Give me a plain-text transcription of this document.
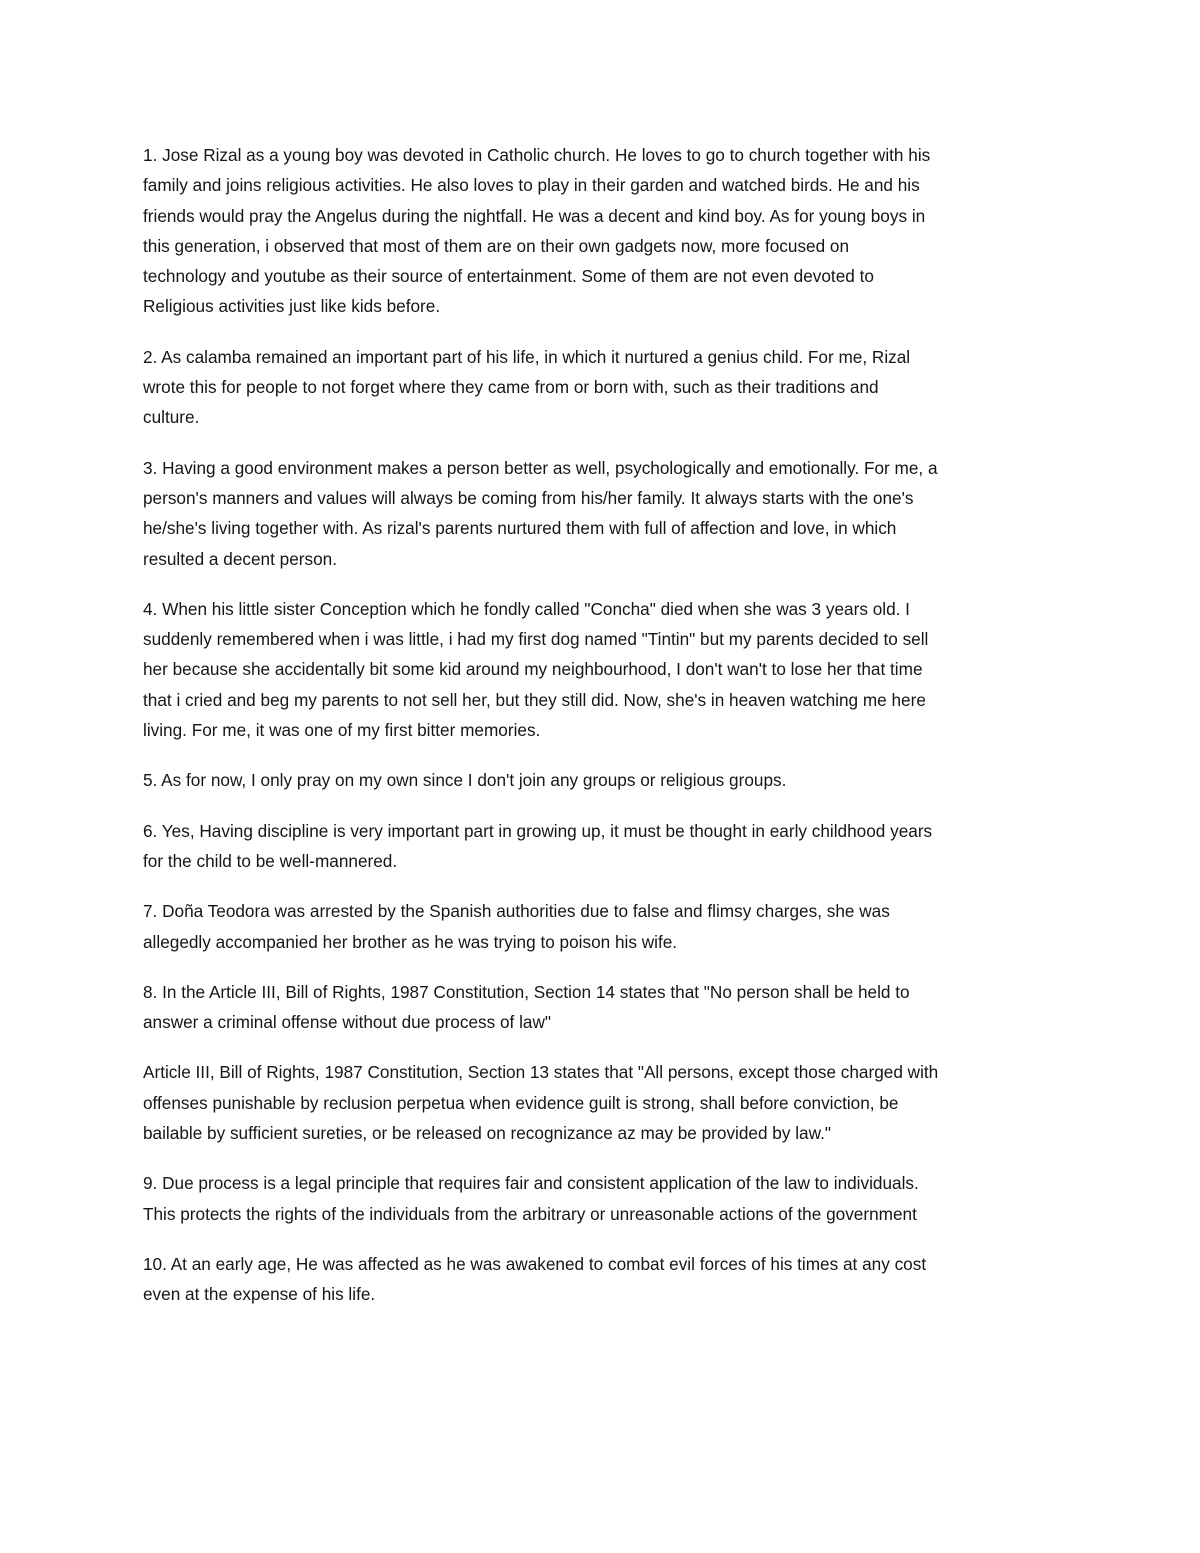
1. Jose Rizal as a young boy was devoted in Catholic church. He loves to go to church together with his
family and joins religious activities. He also loves to play in their garden and watched birds. He and his
friends would pray the Angelus during the nightfall. He was a decent and kind boy. As for young boys in
this generation, i observed that most of them are on their own gadgets now, more focused on
technology and youtube as their source of entertainment. Some of them are not even devoted to
Religious activities just like kids before.

2. As calamba remained an important part of his life, in which it nurtured a genius child. For me, Rizal
wrote this for people to not forget where they came from or born with, such as their traditions and
culture.

3. Having a good environment makes a person better as well, psychologically and emotionally. For me, a
person's manners and values will always be coming from his/her family. It always starts with the one's
he/she's living together with. As rizal's parents nurtured them with full of affection and love, in which
resulted a decent person.

4. When his little sister Conception which he fondly called "Concha" died when she was 3 years old. I
suddenly remembered when i was little, i had my first dog named "Tintin" but my parents decided to sell
her because she accidentally bit some kid around my neighbourhood, I don't wan't to lose her that time
that i cried and beg my parents to not sell her, but they still did. Now, she's in heaven watching me here
living. For me, it was one of my first bitter memories.

5. As for now, I only pray on my own since I don't join any groups or religious groups.

6. Yes, Having discipline is very important part in growing up, it must be thought in early childhood years
for the child to be well-mannered.

7. Doña Teodora was arrested by the Spanish authorities due to false and flimsy charges, she was
allegedly accompanied her brother as he was trying to poison his wife.

8. In the Article III, Bill of Rights, 1987 Constitution, Section 14 states that "No person shall be held to
answer a criminal offense without due process of law"

Article III, Bill of Rights, 1987 Constitution, Section 13 states that "All persons, except those charged with
offenses punishable by reclusion perpetua when evidence guilt is strong, shall before conviction, be
bailable by sufficient sureties, or be released on recognizance az may be provided by law."

9. Due process is a legal principle that requires fair and consistent application of the law to individuals.
This protects the rights of the individuals from the arbitrary or unreasonable actions of the government

10. At an early age, He was affected as he was awakened to combat evil forces of his times at any cost
even at the expense of his life.
